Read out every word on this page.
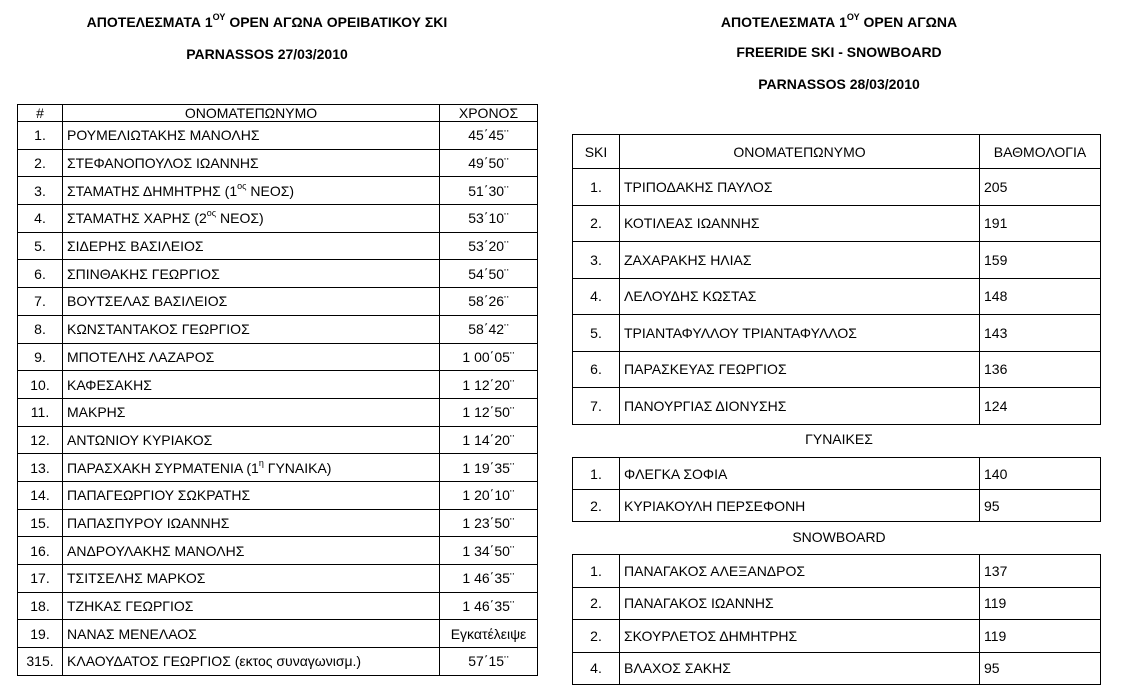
ΑΠΟΤΕΛΕΣΜΑΤΑ $1^{O\Upsilon}$ OPEN ΑΓΩΝΑ ΟΡΕΙΒΑΤΙΚΟΥ ΣΚΙ
PARNASSOS 27/03/2010
#	ΟΝΟΜΑΤΕΠΩΝΥΜΟ	ΧΡΟΝΟΣ
1.	ΡΟΥΜΕΛΙΩΤΑΚΗΣ ΜΑΝΟΛΗΣ	45΄45¨
2.	ΣΤΕΦΑΝΟΠΟΥΛΟΣ ΙΩΑΝΝΗΣ	49΄50¨
3.	ΣΤΑΜΑΤΗΣ ΔΗΜΗΤΡΗΣ ($1^{o\varsigma}$ ΝΕΟΣ)	51΄30¨
4.	ΣΤΑΜΑΤΗΣ ΧΑΡΗΣ ($2^{o\varsigma}$ ΝΕΟΣ)	53΄10¨
5.	ΣΙΔΕΡΗΣ ΒΑΣΙΛΕΙΟΣ	53΄20¨
6.	ΣΠΙΝΘΑΚΗΣ ΓΕΩΡΓΙΟΣ	54΄50¨
7.	ΒΟΥΤΣΕΛΑΣ ΒΑΣΙΛΕΙΟΣ	58΄26¨
8.	ΚΩΝΣΤΑΝΤΑΚΟΣ ΓΕΩΡΓΙΟΣ	58΄42¨
9.	ΜΠΟΤΕΛΗΣ ΛΑΖΑΡΟΣ	1 00΄05¨
10.	ΚΑΦΕΣΑΚΗΣ	1 12΄20¨
11.	ΜΑΚΡΗΣ	1 12΄50¨
12.	ΑΝΤΩΝΙΟΥ ΚΥΡΙΑΚΟΣ	1 14΄20¨
13.	ΠΑΡΑΣΧΑΚΗ ΣΥΡΜΑΤΕΝΙΑ ($1^\eta$ ΓΥΝΑΙΚΑ)	1 19΄35¨
14.	ΠΑΠΑΓΕΩΡΓΙΟΥ ΣΩΚΡΑΤΗΣ	1 20΄10¨
15.	ΠΑΠΑΣΠΥΡΟΥ ΙΩΑΝΝΗΣ	1 23΄50¨
16.	ΑΝΔΡΟΥΛΑΚΗΣ ΜΑΝΟΛΗΣ	1 34΄50¨
17.	ΤΣΙΤΣΕΛΗΣ ΜΑΡΚΟΣ	1 46΄35¨
18.	ΤΖΗΚΑΣ ΓΕΩΡΓΙΟΣ	1 46΄35¨
19.	ΝΑΝΑΣ ΜΕΝΕΛΑΟΣ	Εγκατέλειψε
315.	ΚΛΑΟΥΔΑΤΟΣ ΓΕΩΡΓΙΟΣ (εκτος συναγωνισμ.)	57΄15¨
ΑΠΟΤΕΛΕΣΜΑΤΑ $1^{O\Upsilon}$ OPEN ΑΓΩΝΑ
FREERIDE SKI - SNOWBOARD
PARNASSOS 28/03/2010
SKI	ΟΝΟΜΑΤΕΠΩΝΥΜΟ	ΒΑΘΜΟΛΟΓΙΑ
1.	ΤΡΙΠΟΔΑΚΗΣ ΠΑΥΛΟΣ	205
2.	ΚΟΤΙΛΕΑΣ ΙΩΑΝΝΗΣ	191
3.	ΖΑΧΑΡΑΚΗΣ ΗΛΙΑΣ	159
4.	ΛΕΛΟΥΔΗΣ ΚΩΣΤΑΣ	148
5.	ΤΡΙΑΝΤΑΦΥΛΛΟΥ ΤΡΙΑΝΤΑΦΥΛΛΟΣ	143
6.	ΠΑΡΑΣΚΕΥΑΣ ΓΕΩΡΓΙΟΣ	136
7.	ΠΑΝΟΥΡΓΙΑΣ ΔΙΟΝΥΣΗΣ	124
ΓΥΝΑΙΚΕΣ
1.	ΦΛΕΓΚΑ ΣΟΦΙΑ	140
2.	ΚΥΡΙΑΚΟΥΛΗ ΠΕΡΣΕΦΟΝΗ	95
SNOWBOARD
1.	ΠΑΝΑΓΑΚΟΣ ΑΛΕΞΑΝΔΡΟΣ	137
2.	ΠΑΝΑΓΑΚΟΣ ΙΩΑΝΝΗΣ	119
2.	ΣΚΟΥΡΛΕΤΟΣ ΔΗΜΗΤΡΗΣ	119
4.	ΒΛΑΧΟΣ ΣΑΚΗΣ	95
